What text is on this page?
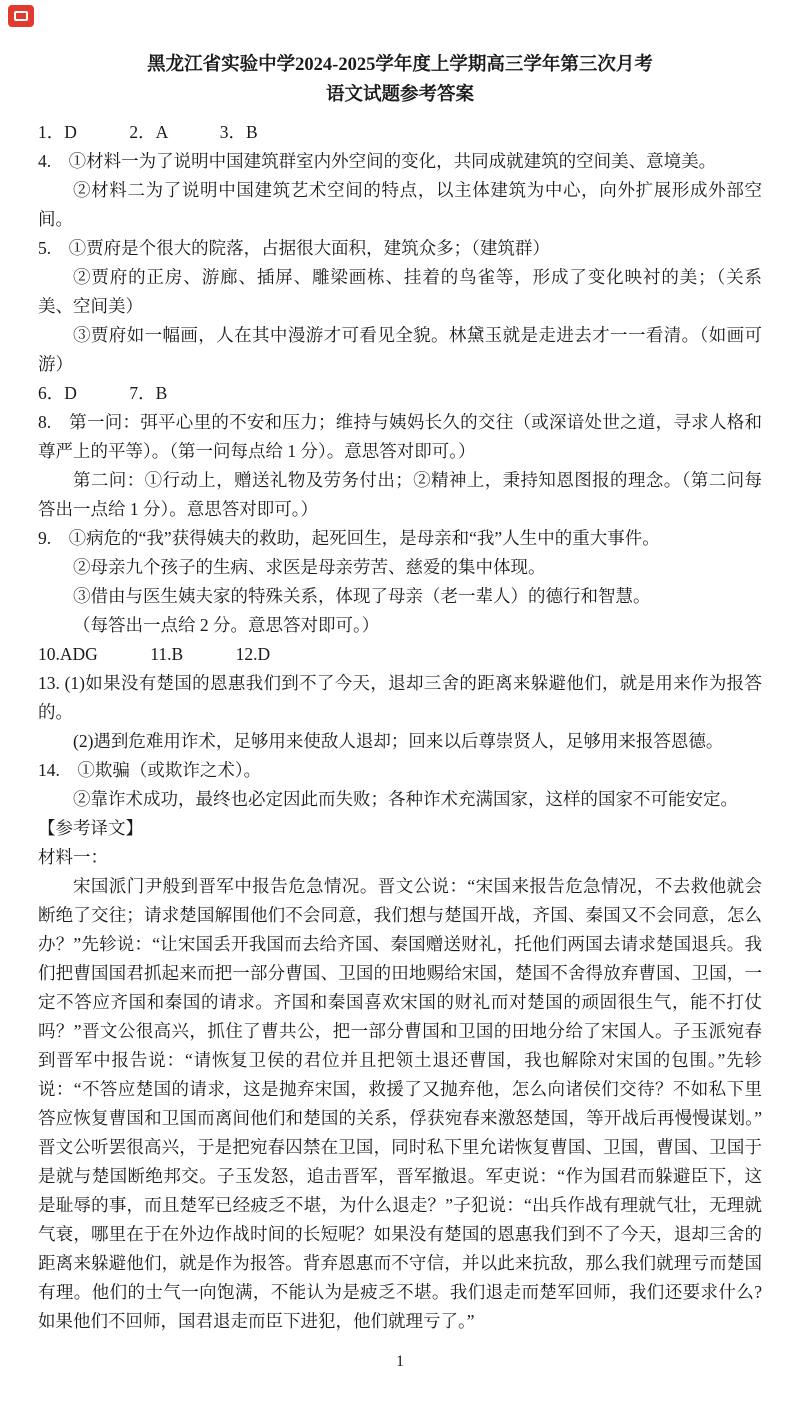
黑龙江省实验中学2024-2025学年度上学期高三学年第三次月考

语文试题参考答案

1．D　　　2．A　　　3．B

4.　①材料一为了说明中国建筑群室内外空间的变化，共同成就建筑的空间美、意境美。

②材料二为了说明中国建筑艺术空间的特点，以主体建筑为中心，向外扩展形成外部空间。

5.　①贾府是个很大的院落，占据很大面积，建筑众多；（建筑群）

②贾府的正房、游廊、插屏、雕梁画栋、挂着的鸟雀等，形成了变化映衬的美；（关系美、空间美）

③贾府如一幅画，人在其中漫游才可看见全貌。林黛玉就是走进去才一一看清。（如画可游）

6．D　　　7．B

8.　第一问：弭平心里的不安和压力；维持与姨妈长久的交往（或深谙处世之道，寻求人格和尊严上的平等）。（第一问每点给 1 分）。意思答对即可。）

第二问：①行动上，赠送礼物及劳务付出；②精神上，秉持知恩图报的理念。（第二问每答出一点给 1 分）。意思答对即可。）

9.　①病危的“我”获得姨夫的救助，起死回生，是母亲和“我”人生中的重大事件。

②母亲九个孩子的生病、求医是母亲劳苦、慈爱的集中体现。

③借由与医生姨夫家的特殊关系，体现了母亲（老一辈人）的德行和智慧。

（每答出一点给 2 分。意思答对即可。）

10.ADG　　　11.B　　　12.D

13. (1)如果没有楚国的恩惠我们到不了今天，退却三舍的距离来躲避他们，就是用来作为报答的。

(2)遇到危难用诈术，足够用来使敌人退却；回来以后尊崇贤人，足够用来报答恩德。

14.　①欺骗（或欺诈之术）。

②靠诈术成功，最终也必定因此而失败；各种诈术充满国家，这样的国家不可能安定。

【参考译文】

材料一：

宋国派门尹般到晋军中报告危急情况。晋文公说：“宋国来报告危急情况，不去救他就会断绝了交往；请求楚国解围他们不会同意，我们想与楚国开战，齐国、秦国又不会同意，怎么办？”先轸说：“让宋国丢开我国而去给齐国、秦国赠送财礼，托他们两国去请求楚国退兵。我们把曹国国君抓起来而把一部分曹国、卫国的田地赐给宋国，楚国不舍得放弃曹国、卫国，一定不答应齐国和秦国的请求。齐国和秦国喜欢宋国的财礼而对楚国的顽固很生气，能不打仗吗？”晋文公很高兴，抓住了曹共公，把一部分曹国和卫国的田地分给了宋国人。子玉派宛春到晋军中报告说：“请恢复卫侯的君位并且把领土退还曹国，我也解除对宋国的包围。”先轸说：“不答应楚国的请求，这是抛弃宋国，救援了又抛弃他，怎么向诸侯们交待？不如私下里答应恢复曹国和卫国而离间他们和楚国的关系，俘获宛春来激怒楚国，等开战后再慢慢谋划。”晋文公听罢很高兴，于是把宛春囚禁在卫国，同时私下里允诺恢复曹国、卫国，曹国、卫国于是就与楚国断绝邦交。子玉发怒，追击晋军，晋军撤退。军吏说：“作为国君而躲避臣下，这是耻辱的事，而且楚军已经疲乏不堪，为什么退走？”子犯说：“出兵作战有理就气壮，无理就气衰，哪里在于在外边作战时间的长短呢？如果没有楚国的恩惠我们到不了今天，退却三舍的距离来躲避他们，就是作为报答。背弃恩惠而不守信，并以此来抗敌，那么我们就理亏而楚国有理。他们的士气一向饱满，不能认为是疲乏不堪。我们退走而楚军回师，我们还要求什么?如果他们不回师，国君退走而臣下进犯，他们就理亏了。”

1
